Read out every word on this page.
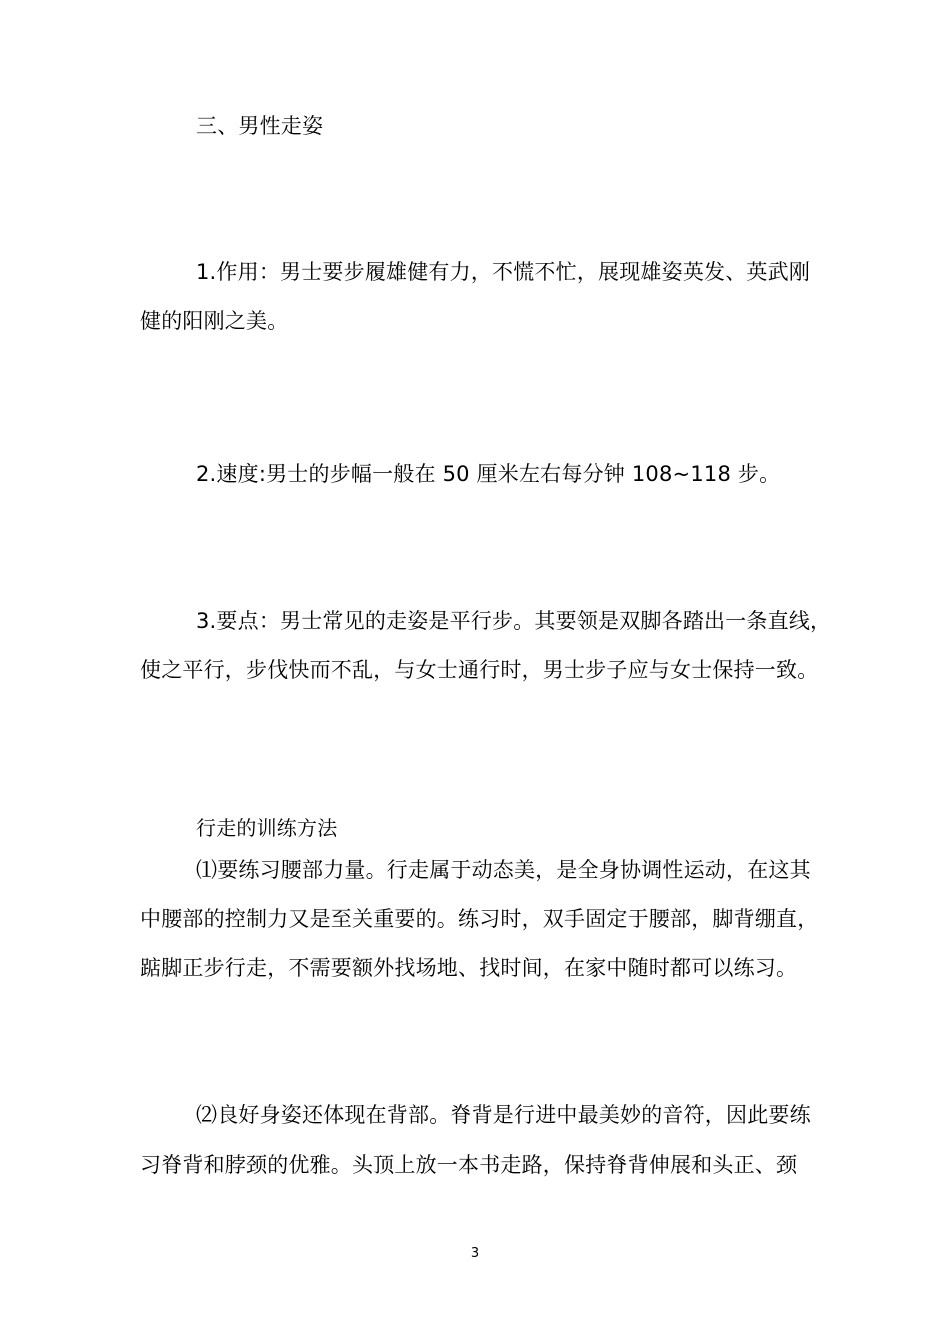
三、男性走姿

1.作用：男士要步履雄健有力，不慌不忙，展现雄姿英发、英武刚

健的阳刚之美。

2.速度:男士的步幅一般在 50 厘米左右每分钟 108~118 步。

3.要点：男士常见的走姿是平行步。其要领是双脚各踏出一条直线，

使之平行，步伐快而不乱，与女士通行时，男士步子应与女士保持一致。

行走的训练方法

⑴要练习腰部力量。行走属于动态美，是全身协调性运动，在这其

中腰部的控制力又是至关重要的。练习时，双手固定于腰部，脚背绷直，

踮脚正步行走，不需要额外找场地、找时间，在家中随时都可以练习。

⑵良好身姿还体现在背部。脊背是行进中最美妙的音符，因此要练

习脊背和脖颈的优雅。头顶上放一本书走路，保持脊背伸展和头正、颈

3
